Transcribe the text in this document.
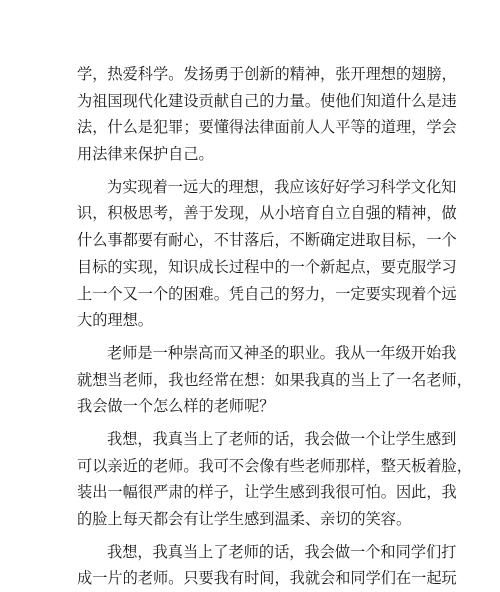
学，热爱科学。发扬勇于创新的精神，张开理想的翅膀，
为祖国现代化建设贡献自己的力量。使他们知道什么是违
法，什么是犯罪；要懂得法律面前人人平等的道理，学会
用法律来保护自己。
为实现着一远大的理想，我应该好好学习科学文化知
识，积极思考，善于发现，从小培育自立自强的精神，做
什么事都要有耐心，不甘落后，不断确定进取目标，一个
目标的实现，知识成长过程中的一个新起点，要克服学习
上一个又一个的困难。凭自己的努力，一定要实现着个远
大的理想。
老师是一种崇高而又神圣的职业。我从一年级开始我
就想当老师，我也经常在想：如果我真的当上了一名老师，
我会做一个怎么样的老师呢？
我想，我真当上了老师的话，我会做一个让学生感到
可以亲近的老师。我可不会像有些老师那样，整天板着脸，
装出一幅很严肃的样子，让学生感到我很可怕。因此，我
的脸上每天都会有让学生感到温柔、亲切的笑容。
我想，我真当上了老师的话，我会做一个和同学们打
成一片的老师。只要我有时间，我就会和同学们在一起玩
